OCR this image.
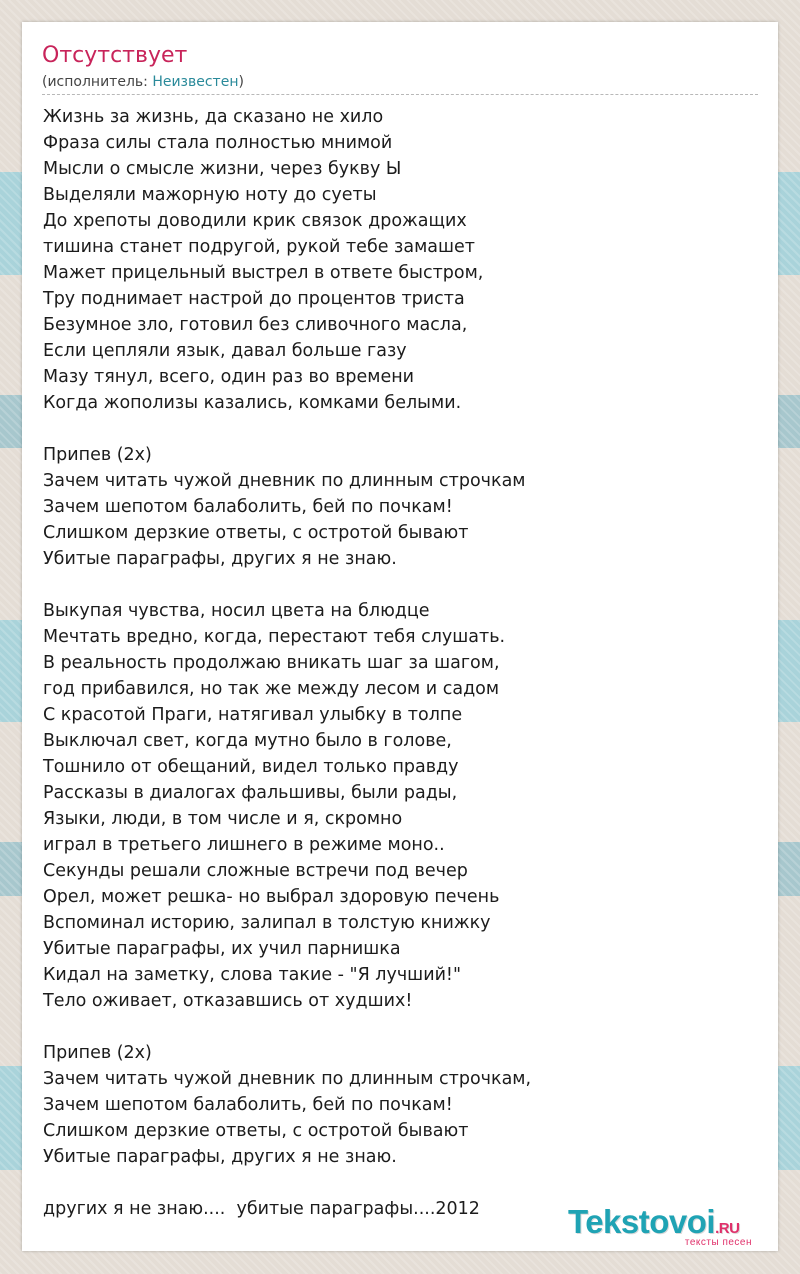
Отсутствует
(исполнитель: Неизвестен)
Жизнь за жизнь, да сказано не хило
Фраза силы стала полностью мнимой
Мысли о смысле жизни, через букву Ы
Выделяли мажорную ноту до суеты
До хрепоты доводили крик связок дрожащих
тишина станет подругой, рукой тебе замашет
Мажет прицельный выстрел в ответе быстром,
Тру поднимает настрой до процентов триста
Безумное зло, готовил без сливочного масла,
Если цепляли язык, давал больше газу
Мазу тянул, всего, один раз во времени
Когда жополизы казались, комками белыми.
Припев (2x)
Зачем читать чужой дневник по длинным строчкам
Зачем шепотом балаболить, бей по почкам!
Слишком дерзкие ответы, с остротой бывают
Убитые параграфы, других я не знаю.
Выкупая чувства, носил цвета на блюдце
Мечтать вредно, когда, перестают тебя слушать.
В реальность продолжаю вникать шаг за шагом,
год прибавился, но так же между лесом и садом
С красотой Праги, натягивал улыбку в толпе
Выключал свет, когда мутно было в голове,
Тошнило от обещаний, видел только правду
Рассказы в диалогах фальшивы, были рады,
Языки, люди, в том числе и я, скромно
играл в третьего лишнего в режиме моно..
Секунды решали сложные встречи под вечер
Орел, может решка- но выбрал здоровую печень
Вспоминал историю, залипал в толстую книжку
Убитые параграфы, их учил парнишка
Кидал на заметку, слова такие - "Я лучший!"
Тело оживает, отказавшись от худших!
Припев (2x)
Зачем читать чужой дневник по длинным строчкам,
Зачем шепотом балаболить, бей по почкам!
Слишком дерзкие ответы, с остротой бывают
Убитые параграфы, других я не знаю.
других я не знаю....  убитые параграфы....2012	Tekstovoi.RU
тексты песен
